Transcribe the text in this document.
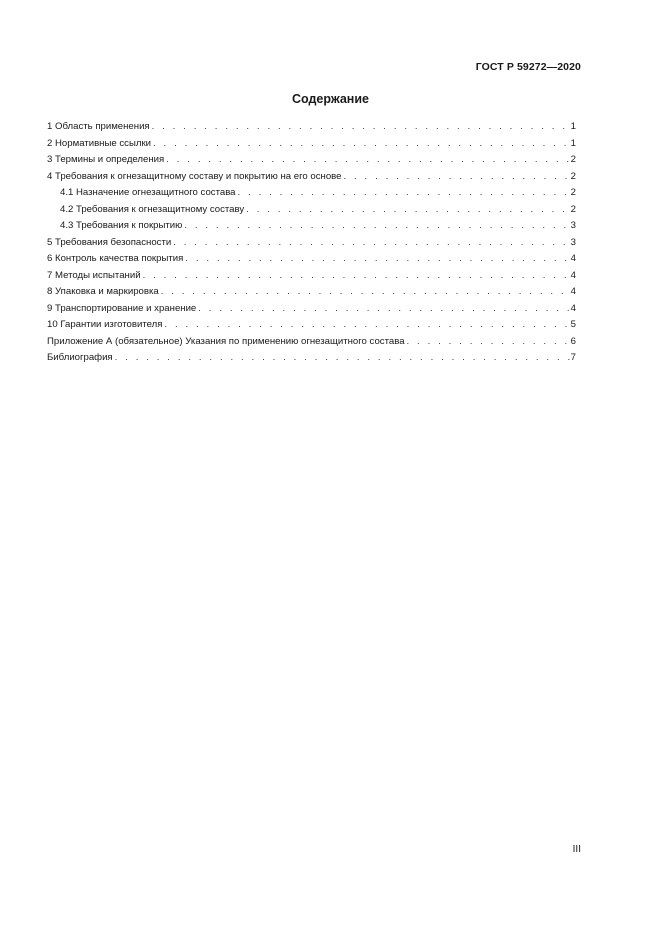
ГОСТ Р 59272—2020
Содержание
1 Область применения . . .	1
2 Нормативные ссылки . . .	1
3 Термины и определения . . .	2
4 Требования к огнезащитному составу и покрытию на его основе . . .	2
4.1 Назначение огнезащитного состава . . .	2
4.2 Требования к огнезащитному составу . . .	2
4.3 Требования к покрытию . . .	3
5 Требования безопасности . . .	3
6 Контроль качества покрытия . . .	4
7 Методы испытаний . . .	4
8 Упаковка и маркировка . . .	4
9 Транспортирование и хранение . . .	4
10 Гарантии изготовителя . . .	5
Приложение А (обязательное) Указания по применению огнезащитного состава . . .	6
Библиография . . .	7
III
